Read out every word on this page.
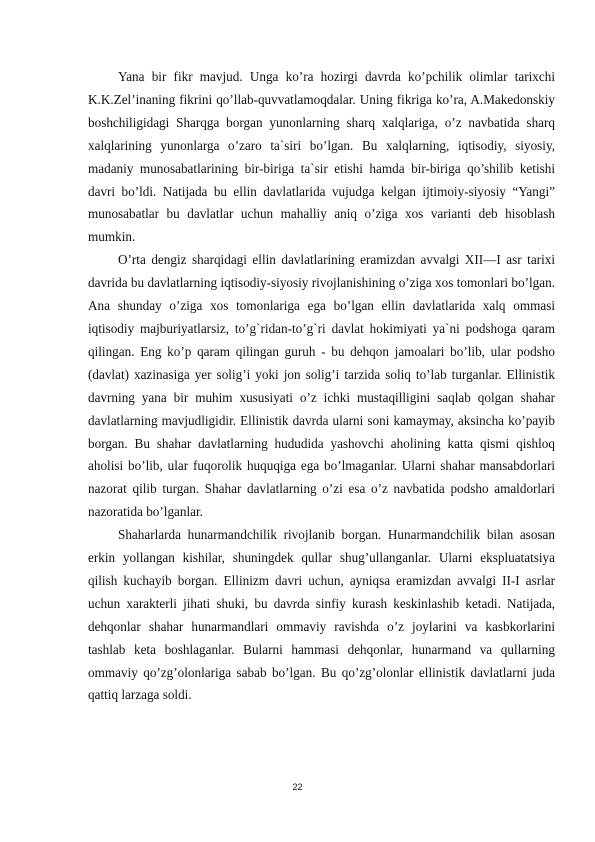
Yana bir fikr mavjud. Unga ko’ra hozirgi davrda ko’pchilik olimlar tarixchi K.K.Zel’inaning fikrini qo’llab-quvvatlamoqdalar. Uning fikriga ko’ra, A.Makedonskiy boshchiligidagi Sharqga borgan yunonlarning sharq xalqlariga, o’z navbatida sharq xalqlarining yunonlarga o’zaro ta`siri bo’lgan. Bu xalqlarning, iqtisodiy, siyosiy, madaniy munosabatlarining bir-biriga ta`sir etishi hamda bir-biriga qo’shilib ketishi davri bo’ldi. Natijada bu ellin davlatlarida vujudga kelgan ijtimoiy-siyosiy “Yangi” munosabatlar bu davlatlar uchun mahalliy aniq o’ziga xos varianti deb hisoblash mumkin.

O’rta dengiz sharqidagi ellin davlatlarining eramizdan avvalgi XII—I asr tarixi davrida bu davlatlarning iqtisodiy-siyosiy rivojlanishining o’ziga xos tomonlari bo’lgan. Ana shunday o’ziga xos tomonlariga ega bo’lgan ellin davlatlarida xalq ommasi iqtisodiy majburiyatlarsiz, to’g`ridan-to’g`ri davlat hokimiyati ya`ni podshoga qaram qilingan. Eng ko’p qaram qilingan guruh - bu dehqon jamoalari bo’lib, ular podsho (davlat) xazinasiga yer solig’i yoki jon solig’i tarzida soliq to’lab turganlar. Ellinistik davrning yana bir muhim xususiyati o’z ichki mustaqilligini saqlab qolgan shahar davlatlarning mavjudligidir. Ellinistik davrda ularni soni kamaymay, aksincha ko’payib borgan. Bu shahar davlatlarning hududida yashovchi aholining katta qismi qishloq aholisi bo’lib, ular fuqorolik huquqiga ega bo’lmaganlar. Ularni shahar mansabdorlari nazorat qilib turgan. Shahar davlatlarning o’zi esa o’z navbatida podsho amaldorlari nazoratida bo’lganlar.

Shaharlarda hunarmandchilik rivojlanib borgan. Hunarmandchilik bilan asosan erkin yollangan kishilar, shuningdek qullar shug’ullanganlar. Ularni ekspluatatsiya qilish kuchayib borgan. Ellinizm davri uchun, ayniqsa eramizdan avvalgi II-I asrlar uchun xarakterli jihati shuki, bu davrda sinfiy kurash keskinlashib ketadi. Natijada, dehqonlar shahar hunarmandlari ommaviy ravishda o’z joylarini va kasbkorlarini tashlab keta boshlaganlar. Bularni hammasi dehqonlar, hunarmand va qullarning ommaviy qo’zg’olonlariga sabab bo’lgan. Bu qo’zg’olonlar ellinistik davlatlarni juda qattiq larzaga soldi.

22
